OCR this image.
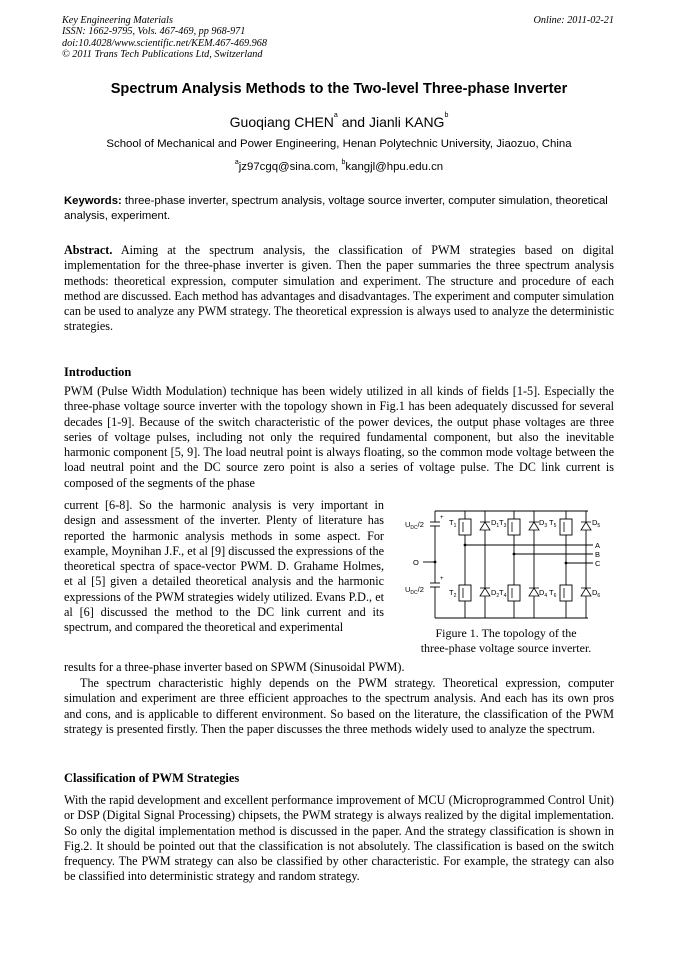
Key Engineering Materials
ISSN: 1662-9795, Vols. 467-469, pp 968-971
doi:10.4028/www.scientific.net/KEM.467-469.968
© 2011 Trans Tech Publications Ltd, Switzerland
Online: 2011-02-21
Spectrum Analysis Methods to the Two-level Three-phase Inverter
Guoqiang CHEN$^a$ and Jianli KANG$^b$
School of Mechanical and Power Engineering, Henan Polytechnic University, Jiaozuo, China
$^a$jz97cgq@sina.com, $^b$kangjl@hpu.edu.cn
Keywords: three-phase inverter, spectrum analysis, voltage source inverter, computer simulation, theoretical analysis, experiment.
Abstract. Aiming at the spectrum analysis, the classification of PWM strategies based on digital implementation for the three-phase inverter is given. Then the paper summaries the three spectrum analysis methods: theoretical expression, computer simulation and experiment. The structure and procedure of each method are discussed. Each method has advantages and disadvantages. The experiment and computer simulation can be used to analyze any PWM strategy. The theoretical expression is always used to analyze the deterministic strategies.
Introduction
PWM (Pulse Width Modulation) technique has been widely utilized in all kinds of fields [1-5]. Especially the three-phase voltage source inverter with the topology shown in Fig.1 has been adequately discussed for several decades [1-9]. Because of the switch characteristic of the power devices, the output phase voltages are three series of voltage pulses, including not only the required fundamental component, but also the inevitable harmonic component [5, 9]. The load neutral point is always floating, so the common mode voltage between the load neutral point and the DC source zero point is also a series of voltage pulse. The DC link current is composed of the segments of the phase
current [6-8]. So the harmonic analysis is very important in design and assessment of the inverter. Plenty of literature has reported the harmonic analysis methods in some aspect. For example, Moynihan J.F., et al [9] discussed the expressions of the theoretical spectra of space-vector PWM. D. Grahame Holmes, et al [5] given a detailed theoretical analysis and the harmonic expressions of the PWM strategies widely utilized. Evans P.D., et al [6] discussed the method to the DC link current and its spectrum, and compared the theoretical and experimental
results for a three-phase inverter based on SPWM (Sinusoidal PWM).
The spectrum characteristic highly depends on the PWM strategy. Theoretical expression, computer simulation and experiment are three efficient approaches to the spectrum analysis. And each has its own pros and cons, and is applicable to different environment. So based on the literature, the classification of the PWM strategy is presented firstly. Then the paper discusses the three methods widely used to analyze the spectrum.
Classification of PWM Strategies
With the rapid development and excellent performance improvement of MCU (Microprogrammed Control Unit) or DSP (Digital Signal Processing) chipsets, the PWM strategy is always realized by the digital implementation. So only the digital implementation method is discussed in the paper. And the strategy classification is shown in Fig.2. It should be pointed out that the classification is not absolutely. The classification is based on the switch frequency. The PWM strategy can also be classified by other characteristic. For example, the strategy can also be classified into deterministic strategy and random strategy.
$U_{DC}/2$
+
$U_{DC}/2$
+
O
A
B
C
$T_1$	$D_1$ $T_3$	$D_3$ $T_5$	$D_5$
$T_2$	$D_2$ $T_4$	$D_4$ $T_6$	$D_6$
Figure 1. The topology of the
three-phase voltage source inverter.
